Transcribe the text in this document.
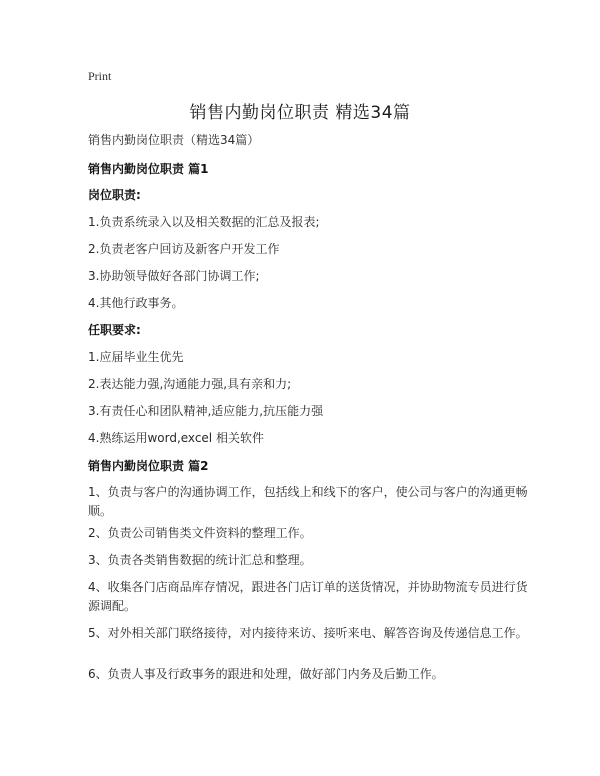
Print
销售内勤岗位职责 精选34篇
销售内勤岗位职责（精选34篇）
销售内勤岗位职责 篇1
岗位职责:
1.负责系统录入以及相关数据的汇总及报表;
2.负责老客户回访及新客户开发工作
3.协助领导做好各部门协调工作;
4.其他行政事务。
任职要求:
1.应届毕业生优先
2.表达能力强,沟通能力强,具有亲和力;
3.有责任心和团队精神,适应能力,抗压能力强
4.熟练运用word,excel 相关软件
销售内勤岗位职责 篇2
1、负责与客户的沟通协调工作，包括线上和线下的客户，使公司与客户的沟通更畅顺。
2、负责公司销售类文件资料的整理工作。
3、负责各类销售数据的统计汇总和整理。
4、收集各门店商品库存情况，跟进各门店订单的送货情况，并协助物流专员进行货源调配。
5、对外相关部门联络接待，对内接待来访、接听来电、解答咨询及传递信息工作。
6、负责人事及行政事务的跟进和处理，做好部门内务及后勤工作。
